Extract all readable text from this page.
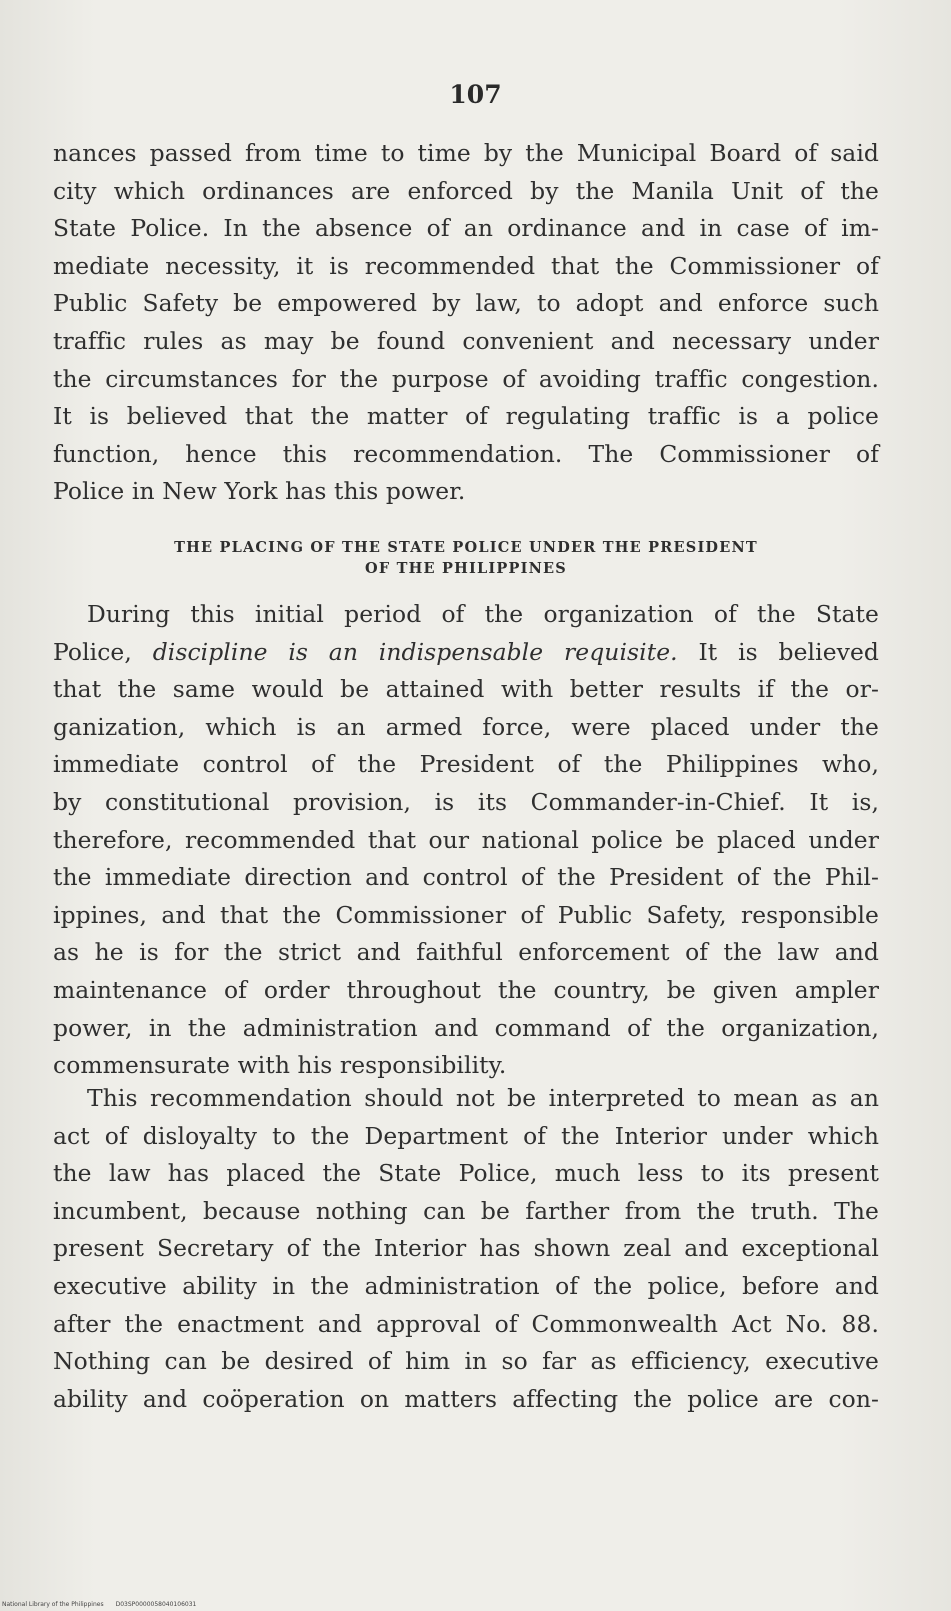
107

nances passed from time to time by the Municipal Board of said

city which ordinances are enforced by the Manila Unit of the

State Police. In the absence of an ordinance and in case of im-

mediate necessity, it is recommended that the Commissioner of

Public Safety be empowered by law, to adopt and enforce such

traffic rules as may be found convenient and necessary under

the circumstances for the purpose of avoiding traffic congestion.

It is believed that the matter of regulating traffic is a police

function, hence this recommendation. The Commissioner of

Police in New York has this power.

THE PLACING OF THE STATE POLICE UNDER THE PRESIDENT
OF THE PHILIPPINES

During this initial period of the organization of the State

Police, discipline is an indispensable requisite. It is believed

that the same would be attained with better results if the or-

ganization, which is an armed force, were placed under the

immediate control of the President of the Philippines who,

by constitutional provision, is its Commander-in-Chief. It is,

therefore, recommended that our national police be placed under

the immediate direction and control of the President of the Phil-

ippines, and that the Commissioner of Public Safety, responsible

as he is for the strict and faithful enforcement of the law and

maintenance of order throughout the country, be given ampler

power, in the administration and command of the organization,

commensurate with his responsibility.

This recommendation should not be interpreted to mean as an

act of disloyalty to the Department of the Interior under which

the law has placed the State Police, much less to its present

incumbent, because nothing can be farther from the truth. The

present Secretary of the Interior has shown zeal and exceptional

executive ability in the administration of the police, before and

after the enactment and approval of Commonwealth Act No. 88.

Nothing can be desired of him in so far as efficiency, executive

ability and coöperation on matters affecting the police are con-

National Library of the Philippines D03SP0000058040106031
